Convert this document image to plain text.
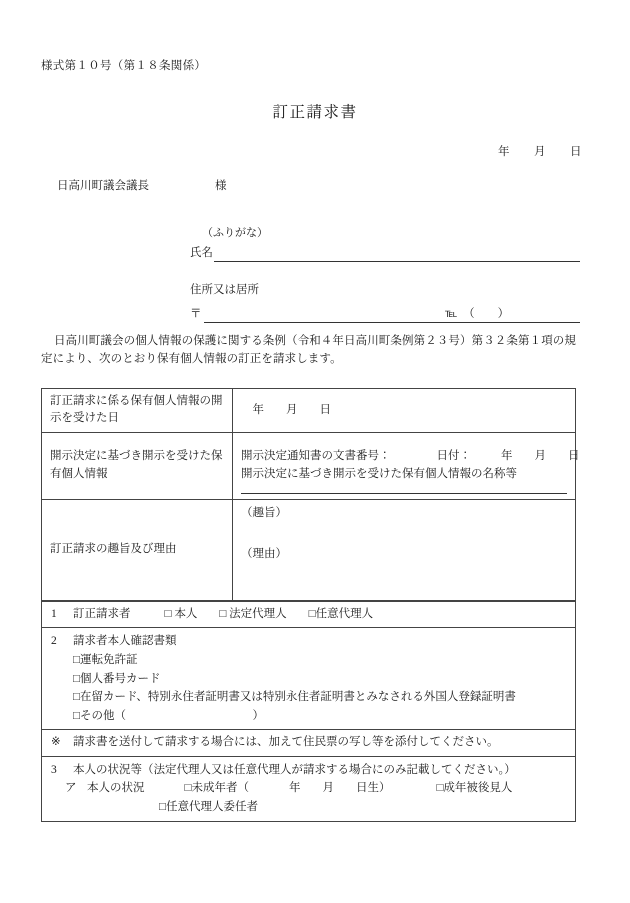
様式第１０号（第１８条関係）
訂正請求書
年 月 日
日高川町議会議長	様
（ふりがな）
氏名
住所又は居所
〒	℡　 （　　 ）
日高川町議会の個人情報の保護に関する条例（令和４年日高川町条例第２３号）第３２条第１項の規定により、次のとおり保有個人情報の訂正を請求します。
訂正請求に係る保有個人情報の開示を受けた日	年 月 日
開示決定に基づき開示を受けた保有個人情報	開示決定通知書の文書番号： 日付： 年 月 日
開示決定に基づき開示を受けた保有個人情報の名称等

訂正請求の趣旨及び理由	（趣旨）
（理由）
1 訂正請求者	□ 本人 □ 法定代理人 □任意代理人

2 請求者本人確認書類
□運転免許証
□個人番号カード
□在留カード、特別永住者証明書又は特別永住者証明書とみなされる外国人登録証明書
□その他（　　　　　　　　　　　）

※ 請求書を送付して請求する場合には、加えて住民票の写し等を添付してください。

3 本人の状況等（法定代理人又は任意代理人が請求する場合にのみ記載してください。）
ア 本人の状況	□未成年者（	年 月 日生）	□成年被後見人
□任意代理人委任者
